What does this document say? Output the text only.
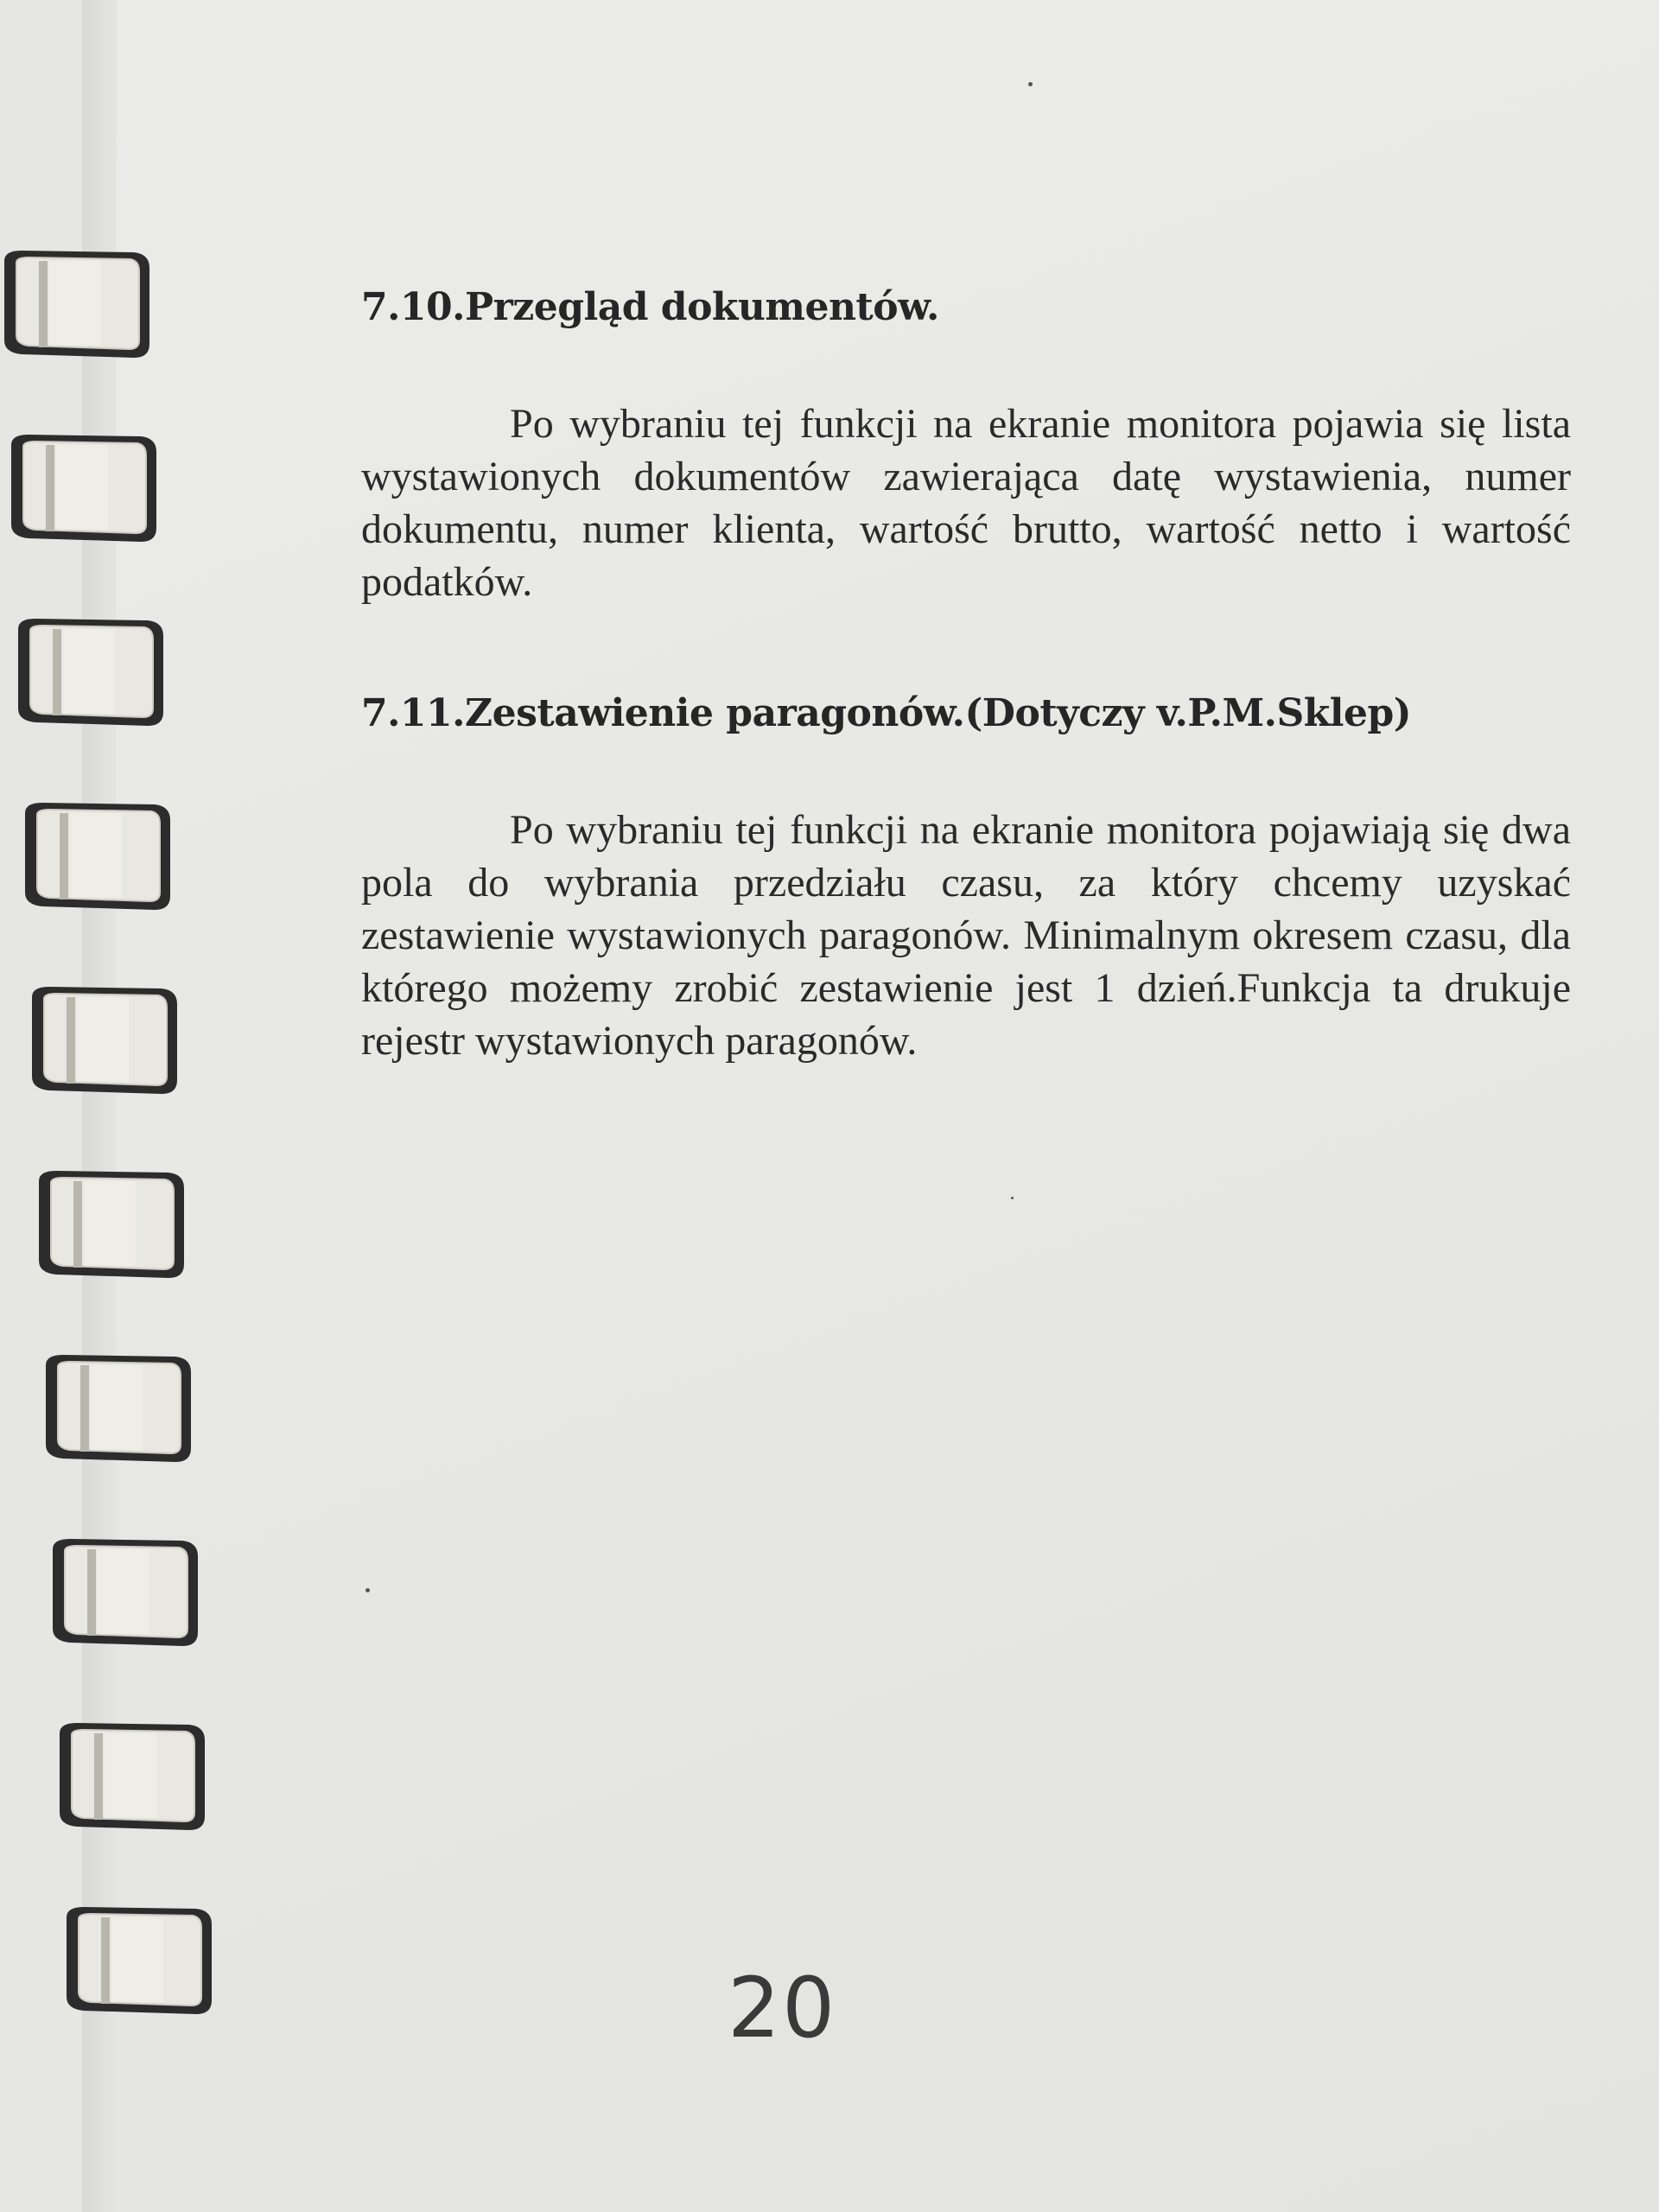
7.10.Przegląd dokumentów.

Po wybraniu tej funkcji na ekranie monitora pojawia się lista wystawionych dokumentów zawierająca datę wystawienia, numer dokumentu, numer klienta, wartość brutto, wartość netto i wartość podatków.

7.11.Zestawienie paragonów.(Dotyczy v.P.M.Sklep)

Po wybraniu tej funkcji na ekranie monitora pojawiają się dwa pola do wybrania przedziału czasu, za który chcemy uzyskać zestawienie wystawionych paragonów. Minimalnym okresem czasu, dla którego możemy zrobić zestawienie jest 1 dzień.Funkcja ta drukuje rejestr wystawionych paragonów.

20
